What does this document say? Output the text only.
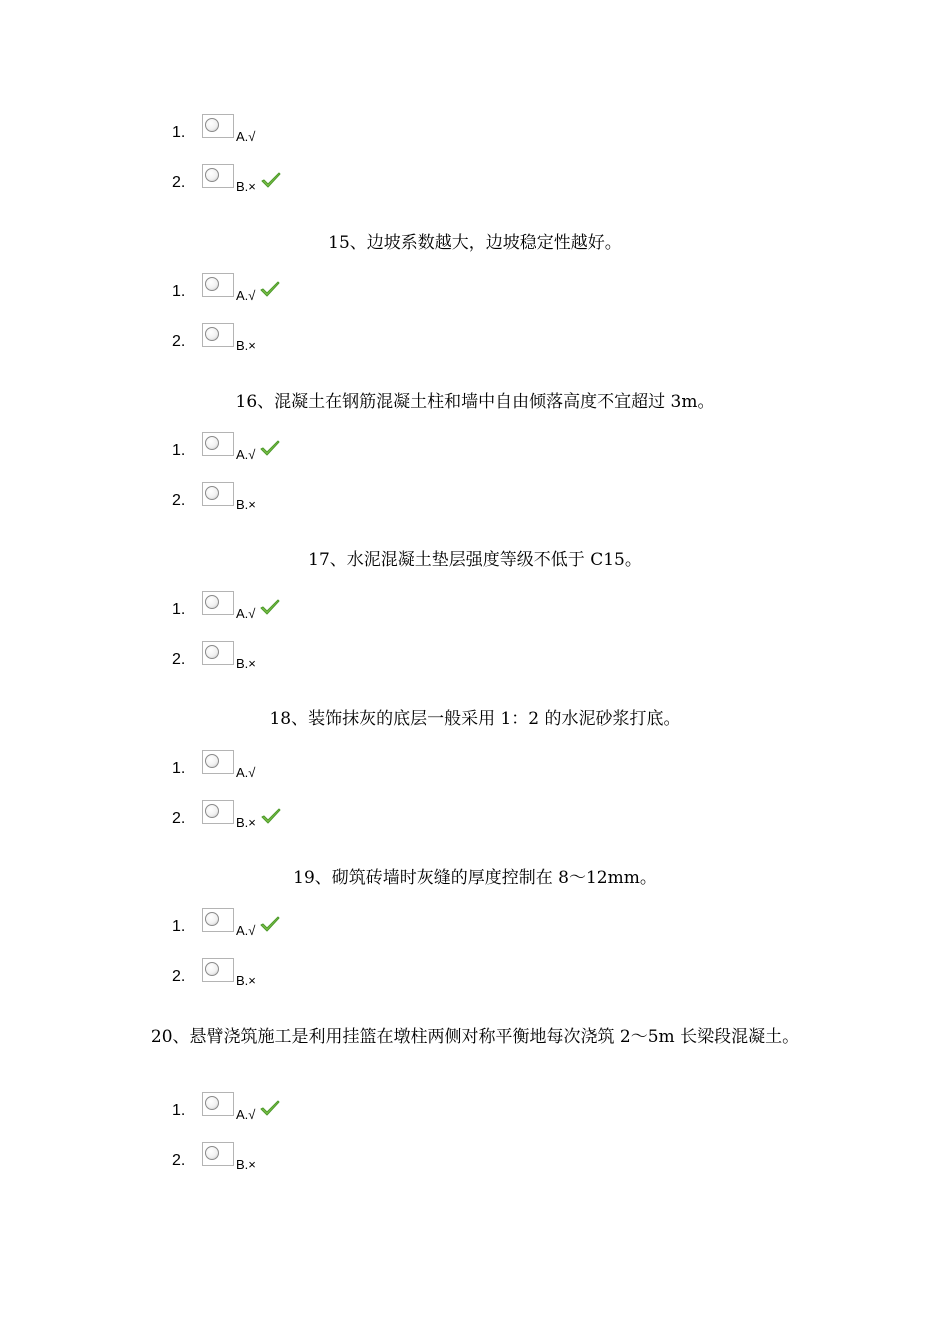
1.	A.√
2.	B.×
15、边坡系数越大，边坡稳定性越好。
1.	A.√
2.	B.×
16、混凝土在钢筋混凝土柱和墙中自由倾落高度不宜超过 3m。
1.	A.√
2.	B.×
17、水泥混凝土垫层强度等级不低于 C15。
1.	A.√
2.	B.×
18、装饰抹灰的底层一般采用 1：2 的水泥砂浆打底。
1.	A.√
2.	B.×
19、砌筑砖墙时灰缝的厚度控制在 8～12mm。
1.	A.√
2.	B.×
20、悬臂浇筑施工是利用挂篮在墩柱两侧对称平衡地每次浇筑 2～5m 长梁段混凝土。
1.	A.√
2.	B.×
